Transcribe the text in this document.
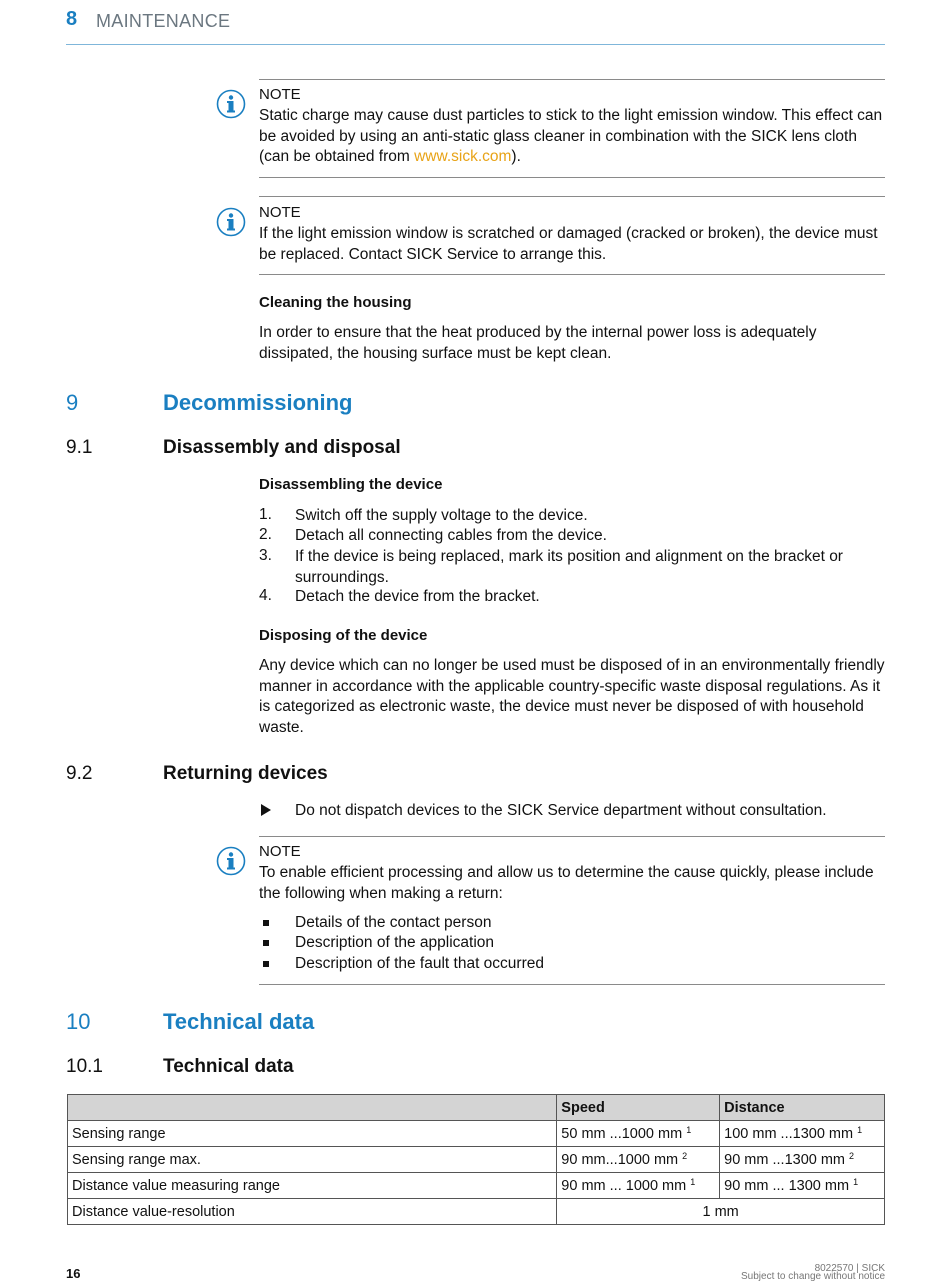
8 MAINTENANCE
NOTE
Static charge may cause dust particles to stick to the light emission window. This effect can be avoided by using an anti-static glass cleaner in combination with the SICK lens cloth (can be obtained from www.sick.com).
NOTE
If the light emission window is scratched or damaged (cracked or broken), the device must be replaced. Contact SICK Service to arrange this.
Cleaning the housing
In order to ensure that the heat produced by the internal power loss is adequately dissipated, the housing surface must be kept clean.
9	Decommissioning
9.1	Disassembly and disposal
Disassembling the device
1. Switch off the supply voltage to the device.
2. Detach all connecting cables from the device.
3. If the device is being replaced, mark its position and alignment on the bracket or surroundings.
4. Detach the device from the bracket.
Disposing of the device
Any device which can no longer be used must be disposed of in an environmentally friendly manner in accordance with the applicable country-specific waste disposal regulations. As it is categorized as electronic waste, the device must never be disposed of with household waste.
9.2	Returning devices
Do not dispatch devices to the SICK Service department without consultation.
NOTE
To enable efficient processing and allow us to determine the cause quickly, please include the following when making a return:
Details of the contact person
Description of the application
Description of the fault that occurred
10	Technical data
10.1	Technical data
	Speed	Distance
Sensing range	50 mm ...1000 mm $^1$	100 mm ...1300 mm $^1$
Sensing range max.	90 mm...1000 mm $^2$	90 mm ...1300 mm $^2$
Distance value measuring range	90 mm ... 1000 mm $^1$	90 mm ... 1300 mm $^1$
Distance value-resolution	1 mm	
16	8022570 | SICK
Subject to change without notice
